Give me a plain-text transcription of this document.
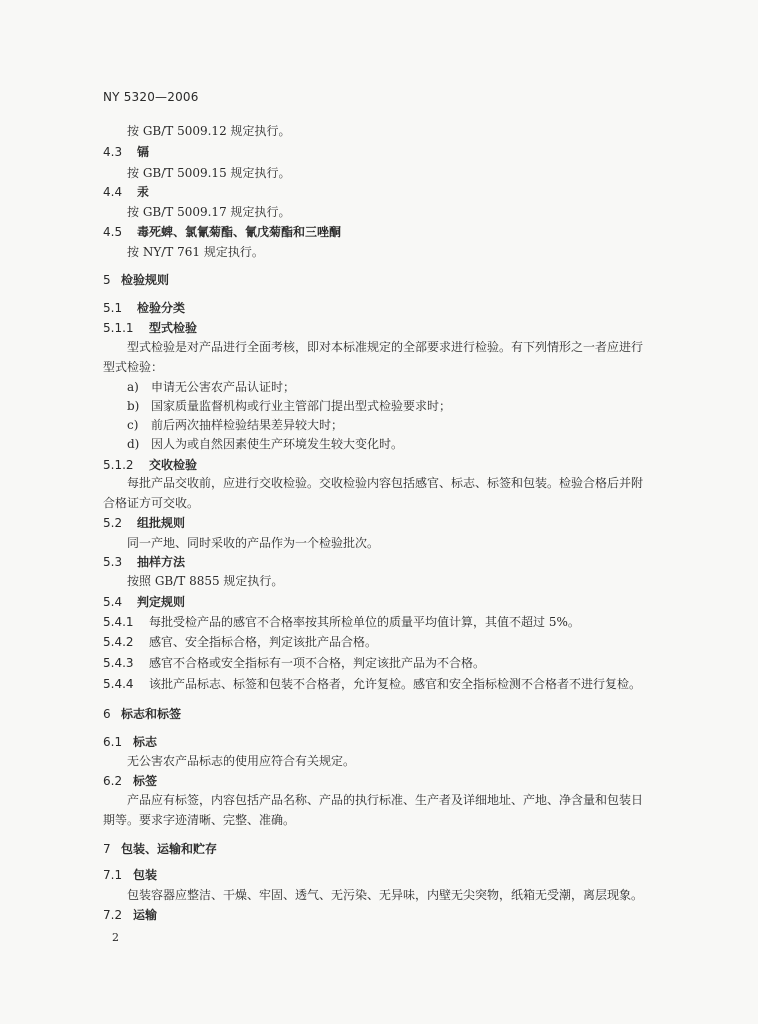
NY 5320—2006
按 GB/T 5009.12 规定执行。
4.3 镉
按 GB/T 5009.15 规定执行。
4.4 汞
按 GB/T 5009.17 规定执行。
4.5 毒死蜱、氯氰菊酯、氰戊菊酯和三唑酮
按 NY/T 761 规定执行。
5 检验规则
5.1 检验分类
5.1.1 型式检验
型式检验是对产品进行全面考核，即对本标准规定的全部要求进行检验。有下列情形之一者应进行型式检验：
a) 申请无公害农产品认证时；
b) 国家质量监督机构或行业主管部门提出型式检验要求时；
c) 前后两次抽样检验结果差异较大时；
d) 因人为或自然因素使生产环境发生较大变化时。
5.1.2 交收检验
每批产品交收前，应进行交收检验。交收检验内容包括感官、标志、标签和包装。检验合格后并附合格证方可交收。
5.2 组批规则
同一产地、同时采收的产品作为一个检验批次。
5.3 抽样方法
按照 GB/T 8855 规定执行。
5.4 判定规则
5.4.1 每批受检产品的感官不合格率按其所检单位的质量平均值计算，其值不超过 5%。
5.4.2 感官、安全指标合格，判定该批产品合格。
5.4.3 感官不合格或安全指标有一项不合格，判定该批产品为不合格。
5.4.4 该批产品标志、标签和包装不合格者，允许复检。感官和安全指标检测不合格者不进行复检。
6 标志和标签
6.1 标志
无公害农产品标志的使用应符合有关规定。
6.2 标签
产品应有标签，内容包括产品名称、产品的执行标准、生产者及详细地址、产地、净含量和包装日期等。要求字迹清晰、完整、准确。
7 包装、运输和贮存
7.1 包装
包装容器应整洁、干燥、牢固、透气、无污染、无异味，内壁无尖突物，纸箱无受潮，离层现象。
7.2 运输
2
